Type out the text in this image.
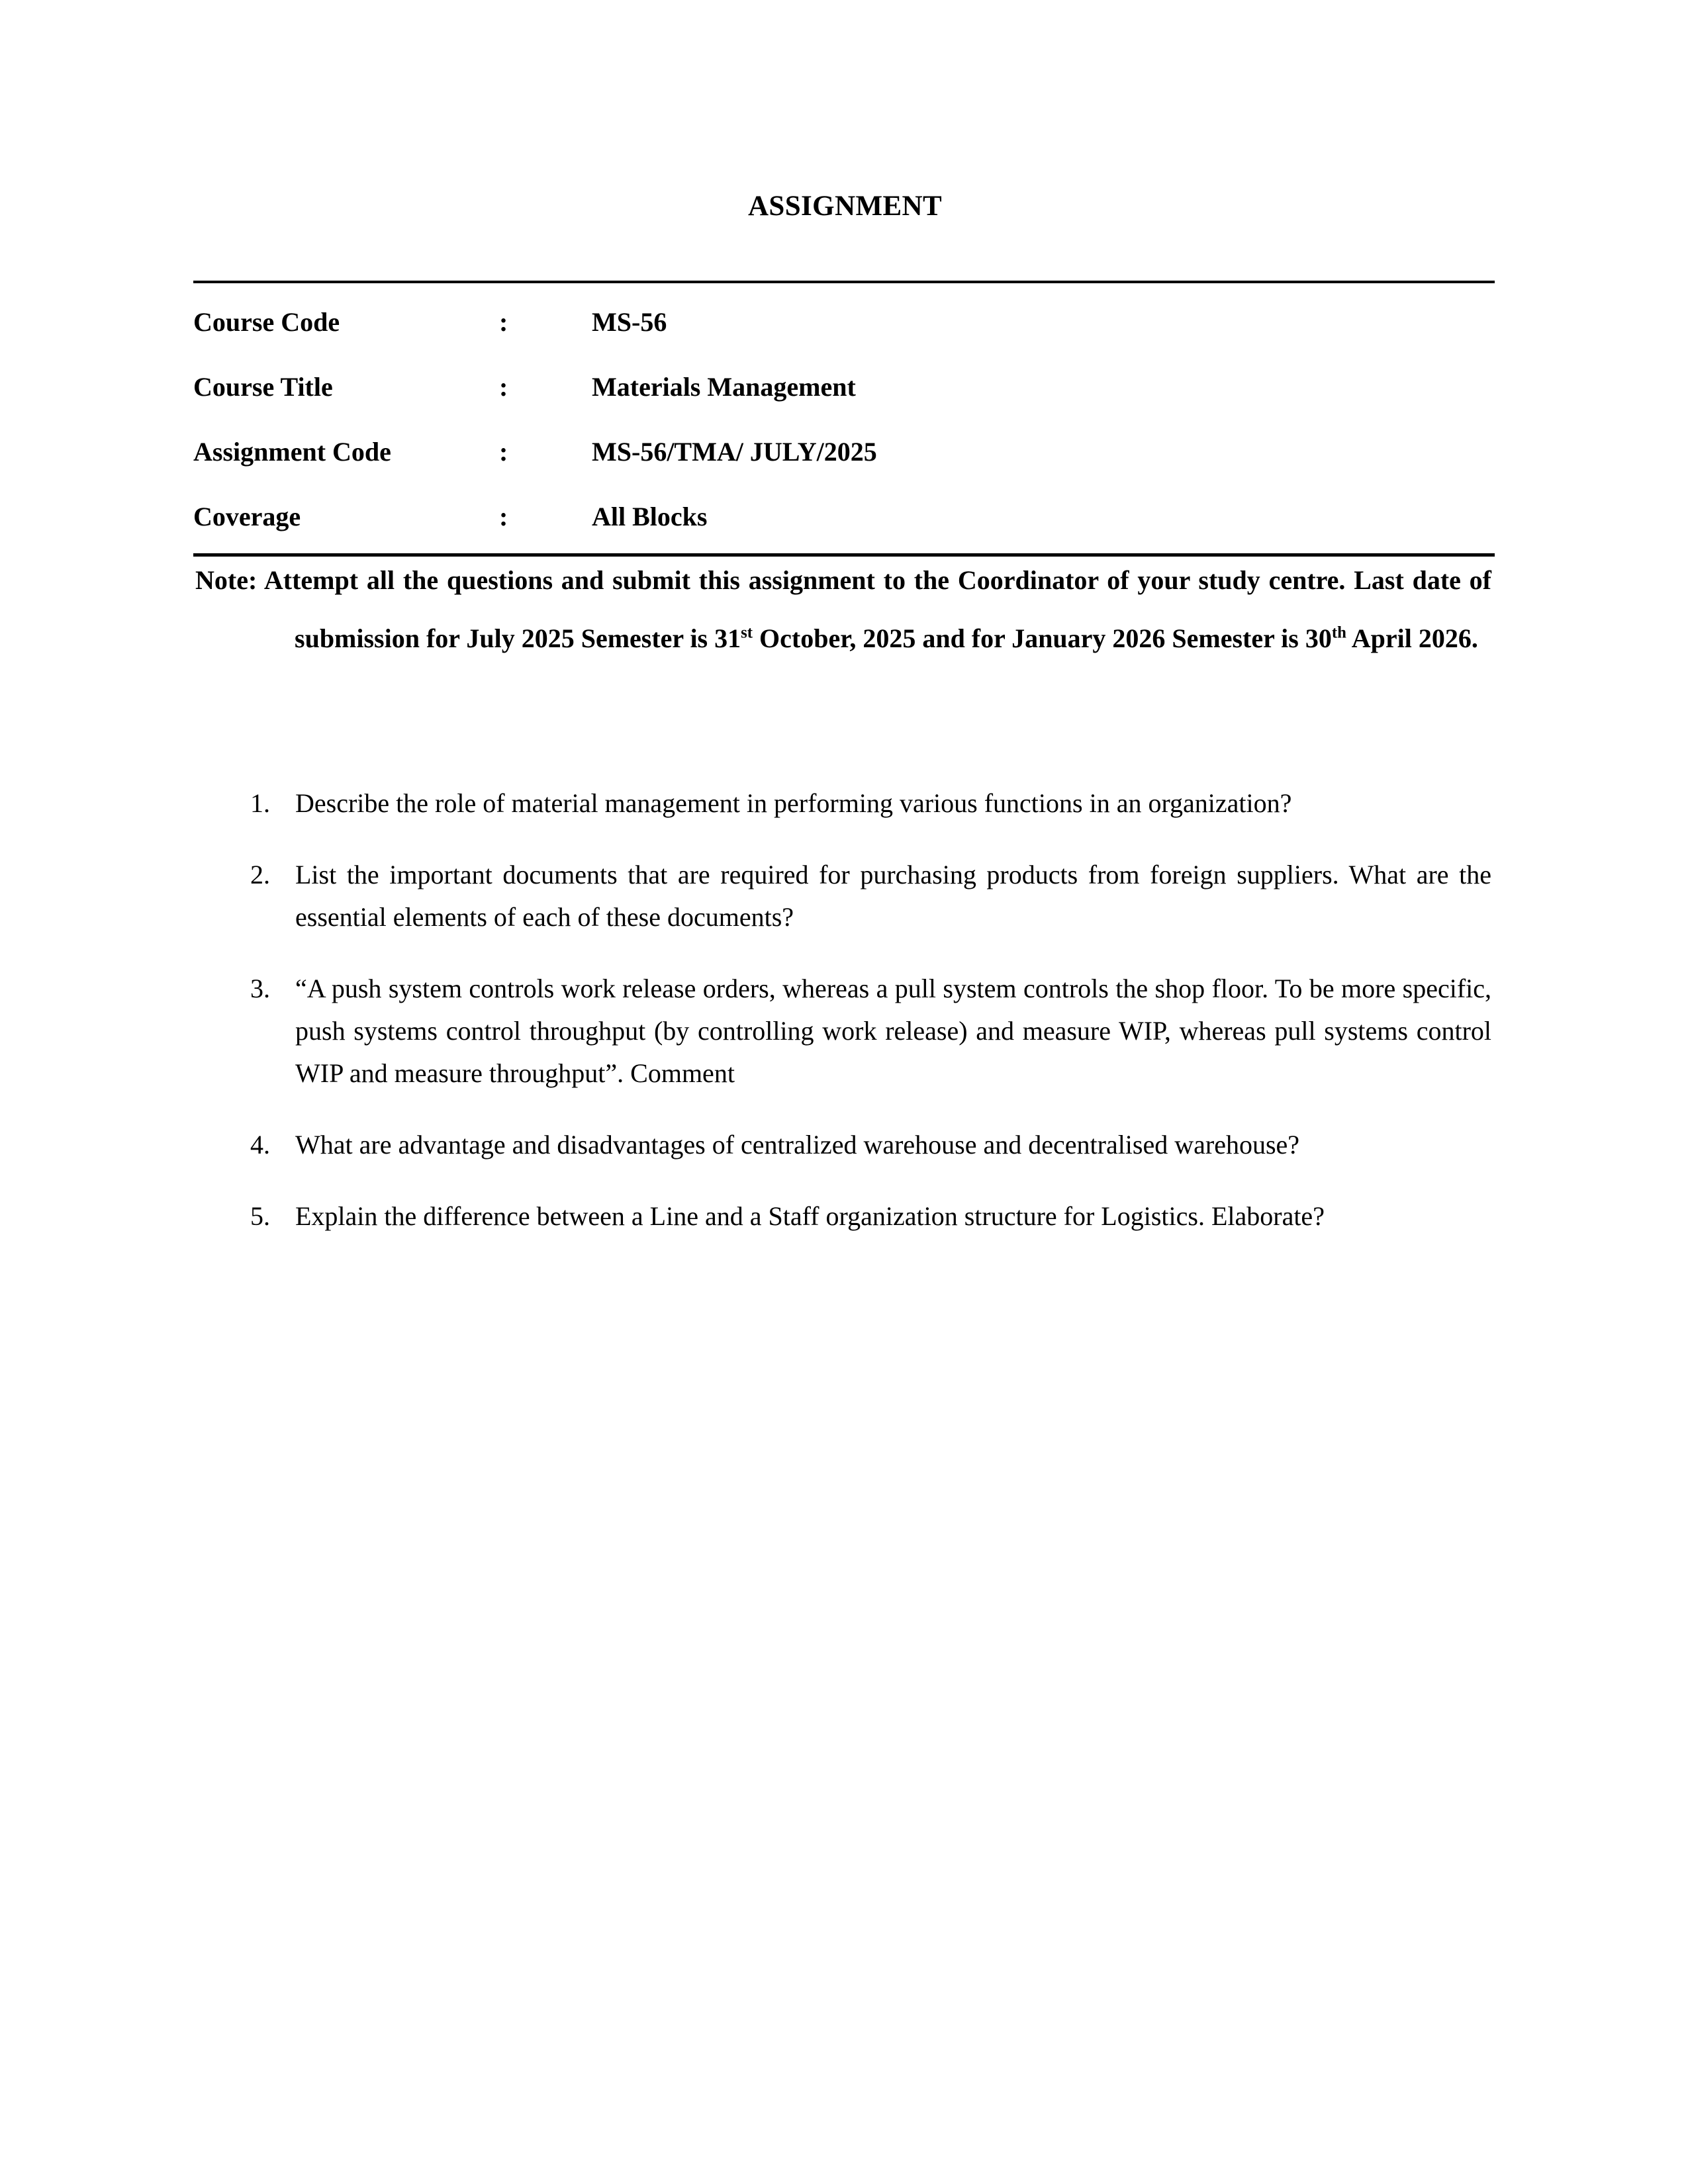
ASSIGNMENT
Course Code	:	MS-56
Course Title	:	Materials Management
Assignment Code	:	MS-56/TMA/ JULY/2025
Coverage	:	All Blocks
Note: Attempt all the questions and submit this assignment to the Coordinator of your study centre. Last date of submission for July 2025 Semester is 31st October, 2025 and for January 2026 Semester is 30th April 2026.
1. Describe the role of material management in performing various functions in an organization?
2. List the important documents that are required for purchasing products from foreign suppliers. What are the essential elements of each of these documents?
3. “A push system controls work release orders, whereas a pull system controls the shop floor. To be more specific, push systems control throughput (by controlling work release) and measure WIP, whereas pull systems control WIP and measure throughput”. Comment
4. What are advantage and disadvantages of centralized warehouse and decentralised warehouse?
5. Explain the difference between a Line and a Staff organization structure for Logistics. Elaborate?
